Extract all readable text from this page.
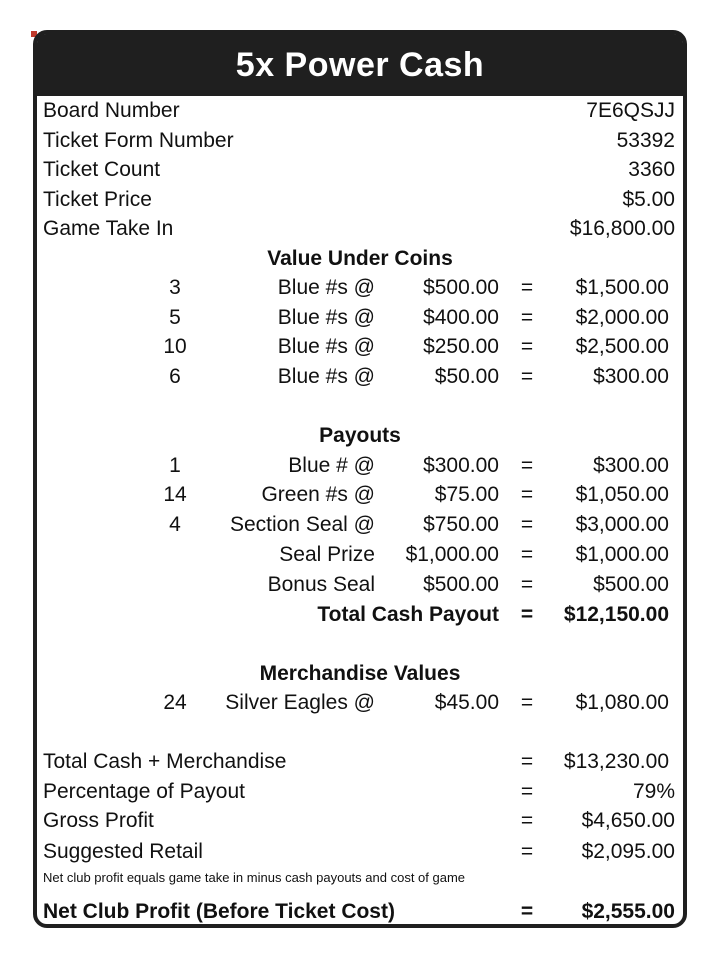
5x Power Cash
Board Number	7E6QSJJ
Ticket Form Number	53392
Ticket Count	3360
Ticket Price	$5.00
Game Take In	$16,800.00
Value Under Coins
3	Blue #s @ $500.00 = $1,500.00
5	Blue #s @ $400.00 = $2,000.00
10	Blue #s @ $250.00 = $2,500.00
6	Blue #s @	$50.00 =	$300.00
Payouts
1	Blue # @ $300.00 =	$300.00
14	Green #s @	$75.00 = $1,050.00
4	Section Seal @ $750.00 = $3,000.00
Seal Prize $1,000.00 = $1,000.00
Bonus Seal $500.00 =	$500.00
Total Cash Payout = $12,150.00
Merchandise Values
24	Silver Eagles @	$45.00 = $1,080.00
Total Cash + Merchandise	= $13,230.00
Percentage of Payout	=	79%
Gross Profit	= $4,650.00
Suggested Retail	= $2,095.00
Net club profit equals game take in minus cash payouts and cost of game
Net Club Profit (Before Ticket Cost)	= $2,555.00
